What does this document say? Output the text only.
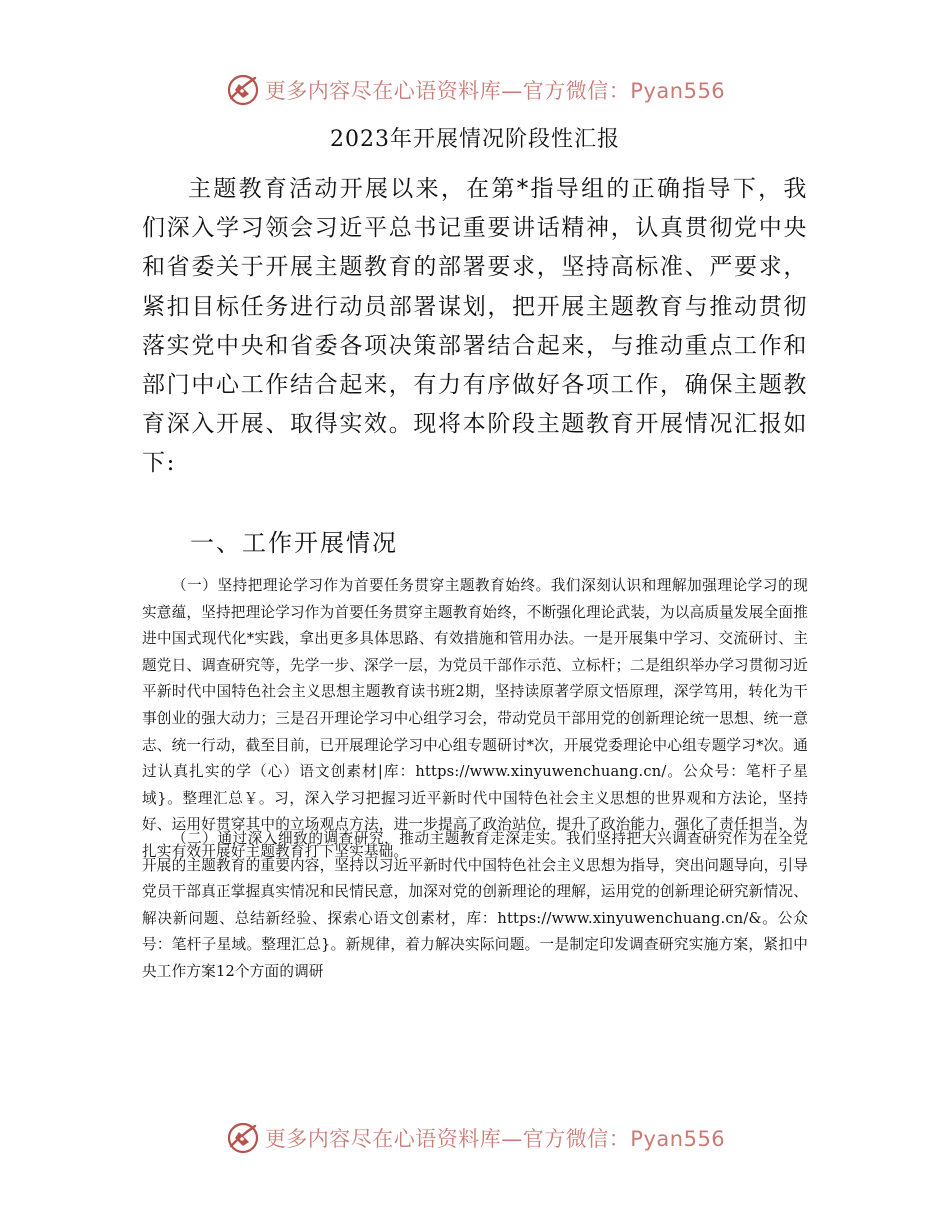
更多内容尽在心语资料库—官方微信：Pyan556
2023年开展情况阶段性汇报

主题教育活动开展以来，在第*指导组的正确指导下，我们深入学习领会习近平总书记重要讲话精神，认真贯彻党中央和省委关于开展主题教育的部署要求，坚持高标准、严要求，紧扣目标任务进行动员部署谋划，把开展主题教育与推动贯彻落实党中央和省委各项决策部署结合起来，与推动重点工作和部门中心工作结合起来，有力有序做好各项工作，确保主题教育深入开展、取得实效。现将本阶段主题教育开展情况汇报如下:

一、工作开展情况

（一）坚持把理论学习作为首要任务贯穿主题教育始终。我们深刻认识和理解加强理论学习的现实意蕴，坚持把理论学习作为首要任务贯穿主题教育始终，不断强化理论武装，为以高质量发展全面推进中国式现代化*实践，拿出更多具体思路、有效措施和管用办法。一是开展集中学习、交流研讨、主题党日、调查研究等，先学一步、深学一层，为党员干部作示范、立标杆；二是组织举办学习贯彻习近平新时代中国特色社会主义思想主题教育读书班2期，坚持读原著学原文悟原理，深学笃用，转化为干事创业的强大动力；三是召开理论学习中心组学习会，带动党员干部用党的创新理论统一思想、统一意志、统一行动，截至目前，已开展理论学习中心组专题研讨*次，开展党委理论中心组专题学习*次。通过认真扎实的学（心）语文创素材|库：https://www.xinyuwenchuang.cn/。公众号：笔杆子星域}。整理汇总￥。习，深入学习把握习近平新时代中国特色社会主义思想的世界观和方法论，坚持好、运用好贯穿其中的立场观点方法，进一步提高了政治站位，提升了政治能力，强化了责任担当，为扎实有效开展好主题教育打下坚实基础。

（二）通过深入细致的调查研究，推动主题教育走深走实。我们坚持把大兴调查研究作为在全党开展的主题教育的重要内容，坚持以习近平新时代中国特色社会主义思想为指导，突出问题导向，引导党员干部真正掌握真实情况和民情民意，加深对党的创新理论的理解，运用党的创新理论研究新情况、解决新问题、总结新经验、探索心语文创素材，库：https://www.xinyuwenchuang.cn/&。公众号：笔杆子星域。整理汇总}。新规律，着力解决实际问题。一是制定印发调查研究实施方案，紧扣中央工作方案12个方面的调研

更多内容尽在心语资料库—官方微信：Pyan556
